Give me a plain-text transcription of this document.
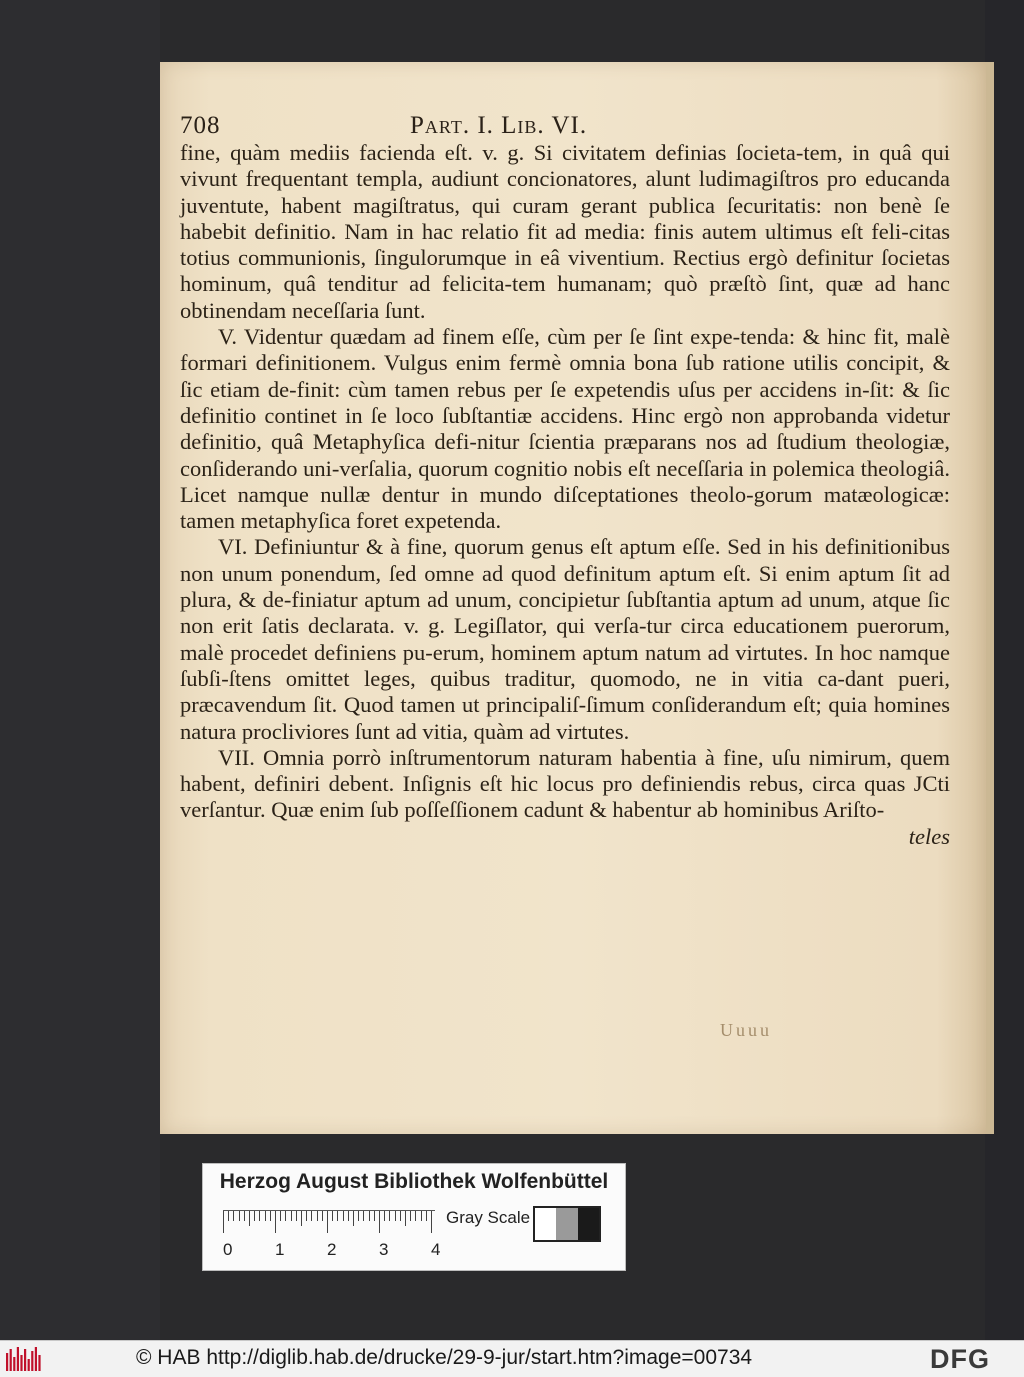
708	Part. I. Lib. VI.

fine, quàm mediis facienda eſt. v. g. Si civitatem definias ſocieta-tem, in quâ qui vivunt frequentant templa, audiunt concionatores, alunt ludimagiſtros pro educanda juventute, habent magiſtratus, qui curam gerant publica ſecuritatis: non benè ſe habebit definitio. Nam in hac relatio fit ad media: finis autem ultimus eſt feli-citas totius communionis, ſingulorumque in eâ viventium. Rectius ergò definitur ſocietas hominum, quâ tenditur ad felicita-tem humanam; quò præſtò ſint, quæ ad hanc obtinendam neceſſaria ſunt.

V. Videntur quædam ad finem eſſe, cùm per ſe ſint expe-tenda: & hinc fit, malè formari definitionem. Vulgus enim fermè omnia bona ſub ratione utilis concipit, & ſic etiam de-finit: cùm tamen rebus per ſe expetendis uſus per accidens in-ſit: & ſic definitio continet in ſe loco ſubſtantiæ accidens. Hinc ergò non approbanda videtur definitio, quâ Metaphyſica defi-nitur ſcientia præparans nos ad ſtudium theologiæ, conſiderando uni-verſalia, quorum cognitio nobis eſt neceſſaria in polemica theologiâ. Licet namque nullæ dentur in mundo diſceptationes theolo-gorum matæologicæ: tamen metaphyſica foret expetenda.

VI. Definiuntur & à fine, quorum genus eſt aptum eſſe. Sed in his definitionibus non unum ponendum, ſed omne ad quod definitum aptum eſt. Si enim aptum ſit ad plura, & de-finiatur aptum ad unum, concipietur ſubſtantia aptum ad unum, atque ſic non erit ſatis declarata. v. g. Legiſlator, qui verſa-tur circa educationem puerorum, malè procedet definiens pu-erum, hominem aptum natum ad virtutes. In hoc namque ſubſi-ſtens omittet leges, quibus traditur, quomodo, ne in vitia ca-dant pueri, præcavendum ſit. Quod tamen ut principaliſ-ſimum conſiderandum eſt; quia homines natura procliviores ſunt ad vitia, quàm ad virtutes.

VII. Omnia porrò inſtrumentorum naturam habentia à fine, uſu nimirum, quem habent, definiri debent. Inſignis eſt hic locus pro definiendis rebus, circa quas JCti verſantur. Quæ enim ſub poſſeſſionem cadunt & habentur ab hominibus Ariſto-

teles
Uuuu
Herzog August Bibliothek Wolfenbüttel
0	1	2	3	4
Gray Scale
© HAB http://diglib.hab.de/drucke/29-9-jur/start.htm?image=00734	DFG
